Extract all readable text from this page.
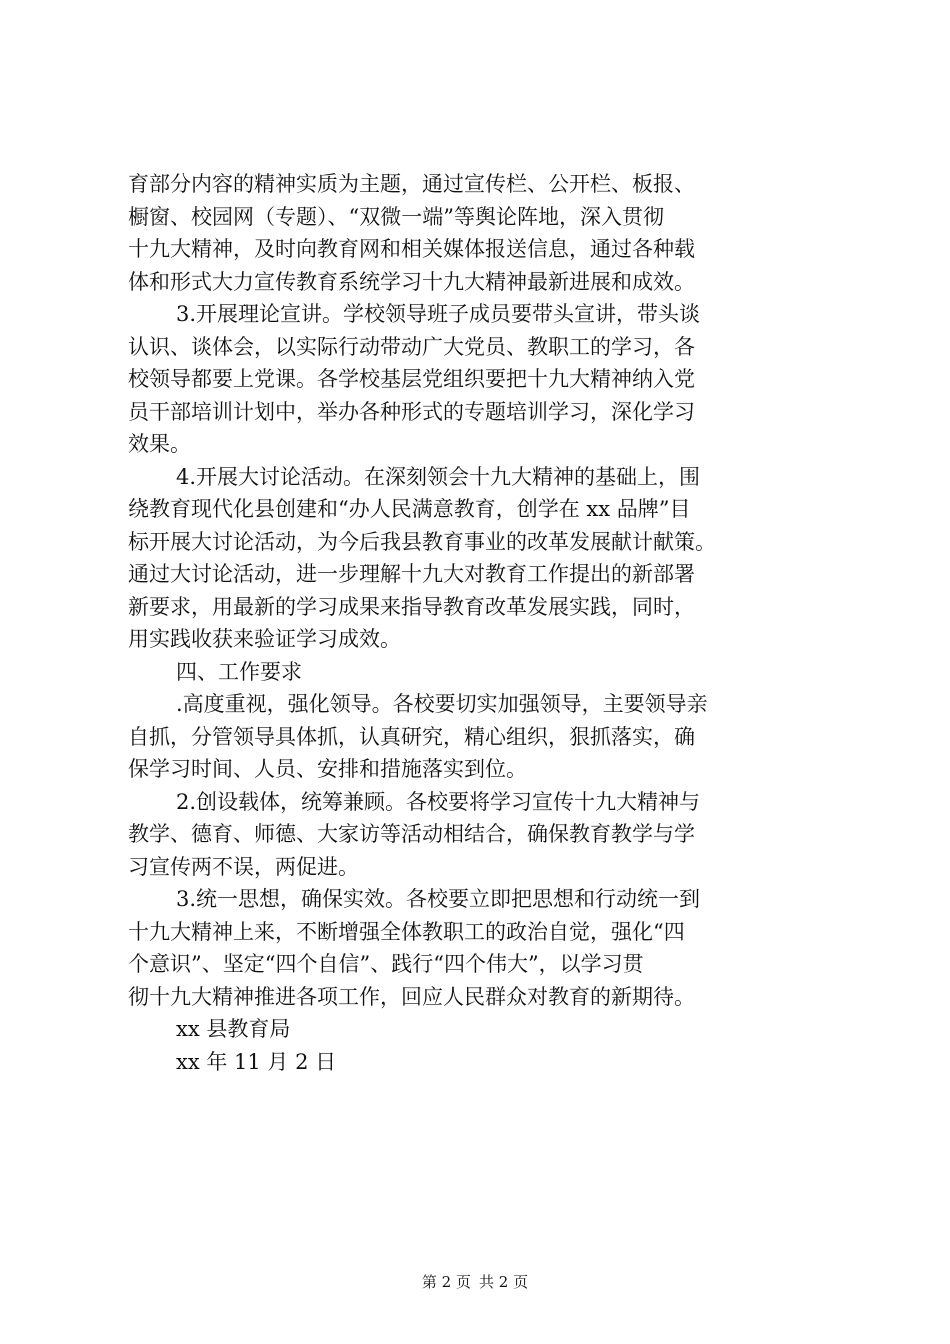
育部分内容的精神实质为主题，通过宣传栏、公开栏、板报、
橱窗、校园网（专题）、“双微一端”等舆论阵地，深入贯彻
十九大精神，及时向教育网和相关媒体报送信息，通过各种载
体和形式大力宣传教育系统学习十九大精神最新进展和成效。
3.开展理论宣讲。学校领导班子成员要带头宣讲，带头谈
认识、谈体会，以实际行动带动广大党员、教职工的学习，各
校领导都要上党课。各学校基层党组织要把十九大精神纳入党
员干部培训计划中，举办各种形式的专题培训学习，深化学习
效果。
4.开展大讨论活动。在深刻领会十九大精神的基础上，围
绕教育现代化县创建和“办人民满意教育，创学在 xx 品牌”目
标开展大讨论活动，为今后我县教育事业的改革发展献计献策。
通过大讨论活动，进一步理解十九大对教育工作提出的新部署
新要求，用最新的学习成果来指导教育改革发展实践，同时，
用实践收获来验证学习成效。
四、工作要求
.高度重视，强化领导。各校要切实加强领导，主要领导亲
自抓，分管领导具体抓，认真研究，精心组织，狠抓落实，确
保学习时间、人员、安排和措施落实到位。
2.创设载体，统筹兼顾。各校要将学习宣传十九大精神与
教学、德育、师德、大家访等活动相结合，确保教育教学与学
习宣传两不误，两促进。
3.统一思想，确保实效。各校要立即把思想和行动统一到
十九大精神上来，不断增强全体教职工的政治自觉，强化“四
个意识”、坚定“四个自信”、践行“四个伟大”，以学习贯
彻十九大精神推进各项工作，回应人民群众对教育的新期待。
xx 县教育局
xx 年 11 月 2 日
第 2 页 共 2 页
